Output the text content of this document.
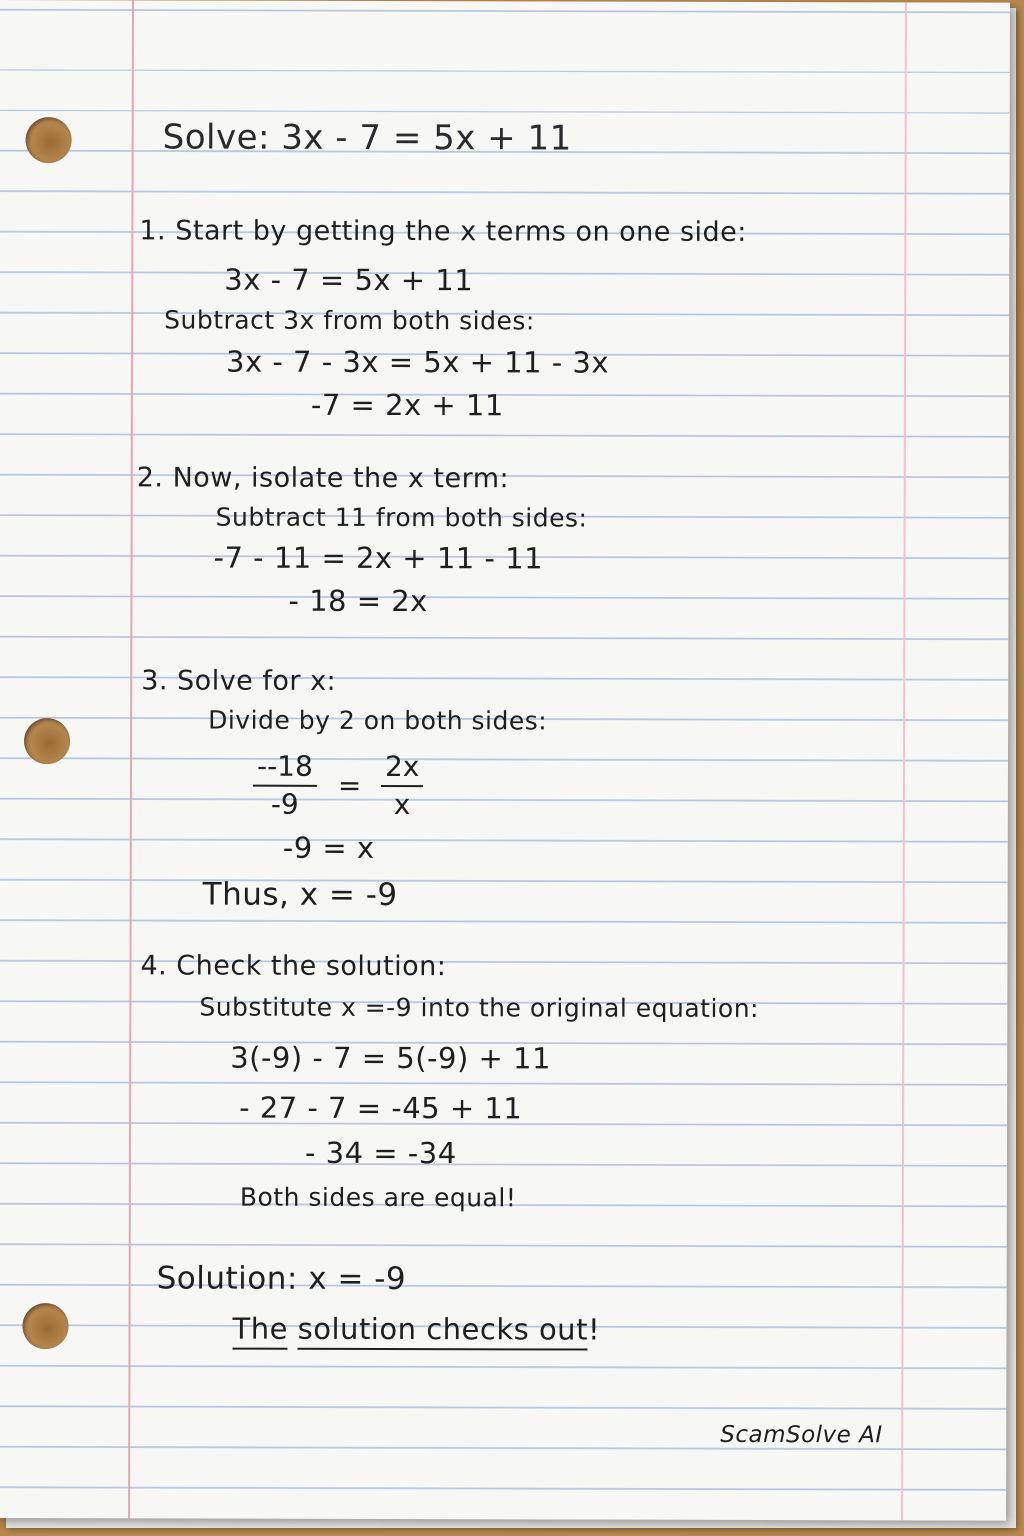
Solve: 3x - 7 = 5x + 11

1. Start by getting the x terms on one side:

3x - 7 = 5x + 11

Subtract 3x from both sides:

3x - 7 - 3x = 5x + 11 - 3x

-7 = 2x + 11

2. Now, isolate the x term:

Subtract 11 from both sides:

-7 - 11 = 2x + 11 - 11

- 18 = 2x

3. Solve for x:

Divide by 2 on both sides:

$\frac{--18}{-9} = \frac{2x}{x}$

-9 = x

Thus, x = -9

4. Check the solution:

Substitute x =-9 into the original equation:

3(-9) - 7 = 5(-9) + 11

- 27 - 7 = -45 + 11

- 34 = -34

Both sides are equal!

Solution: x = -9

The solution checks out!

ScamSolve AI
